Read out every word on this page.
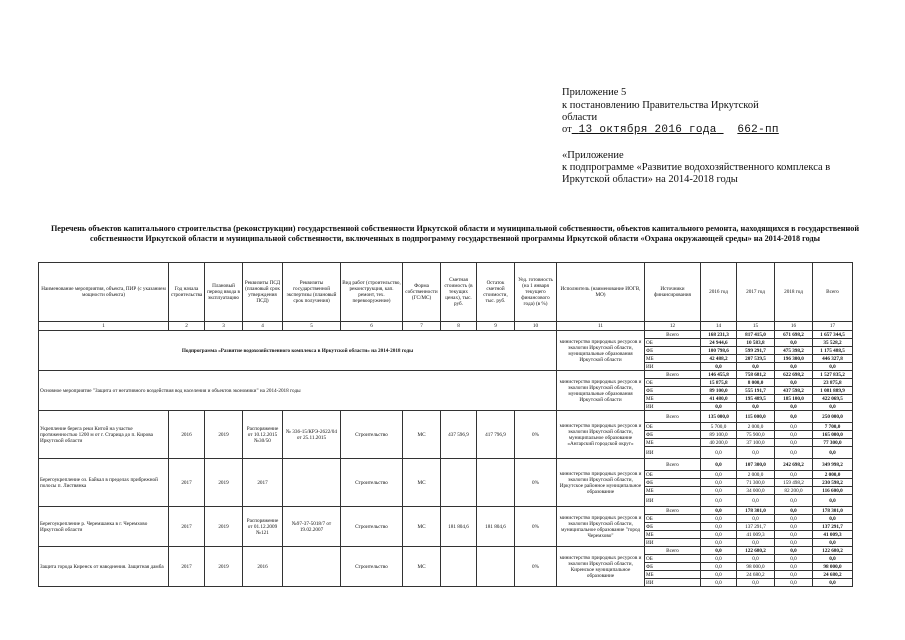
Приложение 5
к постановлению Правительства Иркутской
области
от 13 октября 2016 года 662-пп
«Приложение
к подпрограмме «Развитие водохозяйственного комплекса в
Иркутской области» на 2014-2018 годы
Перечень объектов капитального строительства (реконструкции) государственной собственности Иркутской области и муниципальной собственности, объектов капитального ремонта, находящихся в государственной собственности Иркутской области и муниципальной собственности, включенных в подпрограмму государственной программы Иркутской области «Охрана окружающей среды» на 2014-2018 годы
Наименование мероприятия, объекта, ПИР (с указанием мощности объекта)	Год начала строительства	Плановый период ввода в эксплуатацию	Реквизиты ПСД (плановый срок утверждения ПСД)	Реквизиты государственной экспертизы (плановый срок получения)	Вид работ (строительство, реконструкция, кап. ремонт, тех. перевооружение)	Форма собственности (ГС/МС)	Сметная стоимость (в текущих ценах), тыс. руб.	Остаток сметной стоимости, тыс. руб.	Уед. готовность (на 1 января текущего финансового года) (в %)	Исполнитель (наименование ИОГВ, МО)	Источники финансирования	2016 год	2017 год	2018 год	Всего
1	2	3	4	5	6	7	8	9	10	11	12	14	15	16	17
Подпрограмма «Развитие водохозяйственного комплекса в Иркутской области» на 2014-2018 годы										министерство природных ресурсов и экологии Иркутской области, муниципальные образования Иркутской области	Всего	168 231,3	817 415,0	671 698,2	1 657 344,5
											ОБ	24 944,6	10 583,8	0,0	35 528,2
											ФБ	100 798,6	599 291,7	475 398,2	1 175 488,5
											МБ	42 488,2	207 539,5	196 300,0	446 327,8
											ИИ	0,0	0,0	0,0	0,0
Основное мероприятие "Защита от негативного воздействия вод населения и объектов экономики" на 2014-2018 годы										министерство природных ресурсов и экологии Иркутской области, муниципальные образования Иркутской области	Всего	146 455,8	758 681,2	622 698,2	1 527 835,2
											ОБ	15 875,8	8 000,0	0,0	23 875,8
											ФБ	89 100,0	555 191,7	437 598,2	1 081 889,9
											МБ	41 480,0	195 489,5	185 100,0	422 069,5
											ИИ	0,0	0,0	0,0	0,0
Укрепление берега реки Китой на участке протяженностью 1200 м от г. Старица до п. Кирова Иркутской области	2016	2019	Распоряжение от 10.12.2015 №30/50	№ 336-15/КРЭ-2622/04 от 25.11.2015	Строительство	МС	437 596,9	417 796,9	0%	министерство природных ресурсов и экологии Иркутской области, муниципальное образование «Ангарский городской округ»	Всего	135 000,0	115 000,0	0,0	250 000,0
											ОБ	5 700,0	2 000,0	0,0	7 700,0
											ФБ	89 100,0	75 900,0	0,0	165 000,0
											МБ	40 200,0	37 100,0	0,0	77 300,0
											ИИ	0,0	0,0	0,0	0,0
Берегоукрепление оз. Байкал в пределах прибрежной полосы п. Листвянка	2017	2019	2017		Строительство	МС			0%	министерство природных ресурсов и экологии Иркутской области, Иркутское районное муниципальное образование	Всего	0,0	107 300,0	242 698,2	349 998,2
											ОБ	0,0	2 000,0	0,0	2 000,0
											ФБ	0,0	71 300,0	159 498,2	230 598,2
											МБ	0,0	34 000,0	82 200,0	116 600,0
											ИИ	0,0	0,0	0,0	0,0
Берегоукрепление р. Черемшанка в г. Черемхово Иркутской области	2017	2019	Распоряжение от 01.12.2009 №121	№97-37-5018/7 от 19.02.2007	Строительство	МС	181 804,6	181 804,6	0%	министерство природных ресурсов и экологии Иркутской области, муниципальное образование "город Черемхово"	Всего	0,0	178 301,0	0,0	178 301,0
											ОБ	0,0	0,0	0,0	0,0
											ФБ	0,0	137 291,7	0,0	137 291,7
											МБ	0,0	41 009,3	0,0	41 009,3
											ИИ	0,0	0,0	0,0	0,0
Защита города Киренск от наводнения. Защитная дамба	2017	2019	2016		Строительство	МС			0%	министерство природных ресурсов и экологии Иркутской области, Киренское муниципальное образование	Всего	0,0	122 680,2	0,0	122 680,2
											ОБ	0,0	0,0	0,0	0,0
											ФБ	0,0	98 000,0	0,0	98 000,0
											МБ	0,0	24 680,2	0,0	24 680,2
											ИИ	0,0	0,0	0,0	0,0
